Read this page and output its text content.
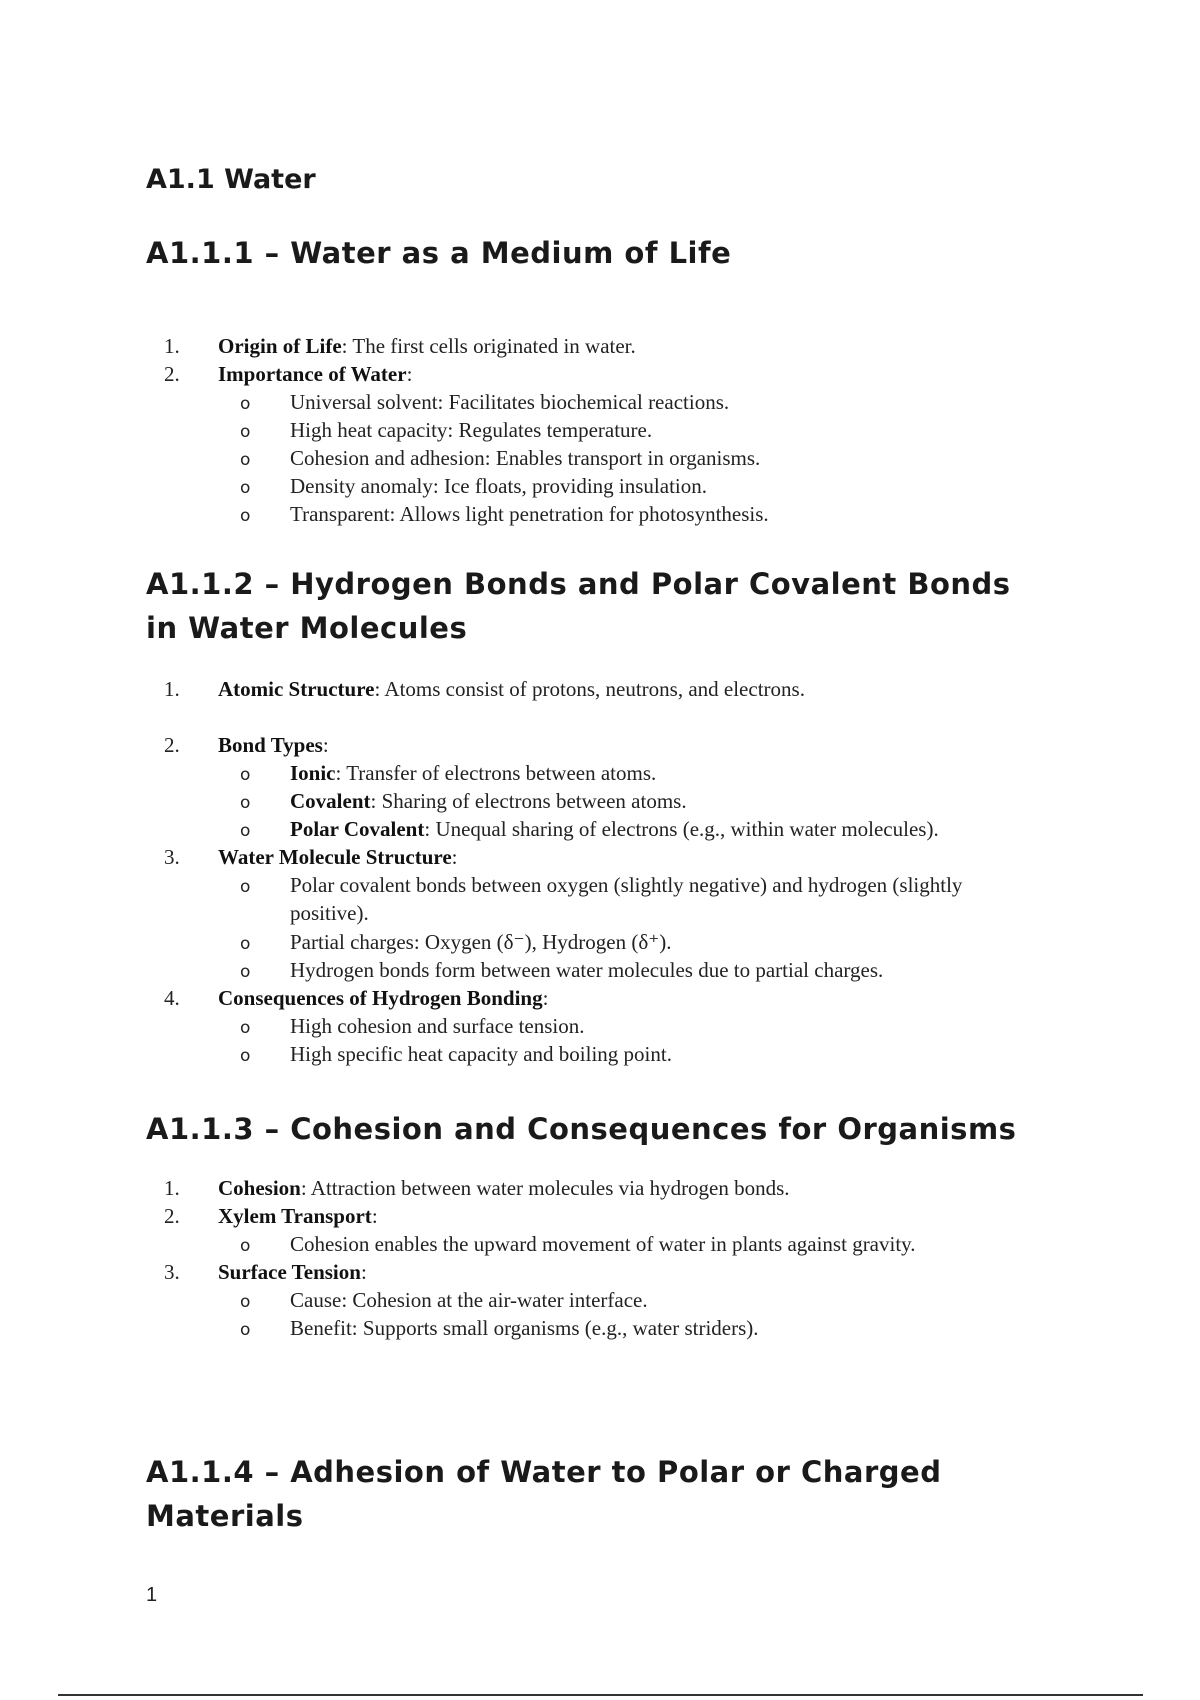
A1.1 Water
A1.1.1 – Water as a Medium of Life
1.	Origin of Life: The first cells originated in water.
2.	Importance of Water:
o Universal solvent: Facilitates biochemical reactions.
o High heat capacity: Regulates temperature.
o Cohesion and adhesion: Enables transport in organisms.
o Density anomaly: Ice floats, providing insulation.
o Transparent: Allows light penetration for photosynthesis.
A1.1.2 – Hydrogen Bonds and Polar Covalent Bonds in Water Molecules
1.	Atomic Structure: Atoms consist of protons, neutrons, and electrons.
2.	Bond Types:
o Ionic: Transfer of electrons between atoms.
o Covalent: Sharing of electrons between atoms.
o Polar Covalent: Unequal sharing of electrons (e.g., within water molecules).
3.	Water Molecule Structure:
o Polar covalent bonds between oxygen (slightly negative) and hydrogen (slightly positive).
o Partial charges: Oxygen (δ⁻), Hydrogen (δ⁺).
o Hydrogen bonds form between water molecules due to partial charges.
4.	Consequences of Hydrogen Bonding:
o High cohesion and surface tension.
o High specific heat capacity and boiling point.
A1.1.3 – Cohesion and Consequences for Organisms
1.	Cohesion: Attraction between water molecules via hydrogen bonds.
2.	Xylem Transport:
o Cohesion enables the upward movement of water in plants against gravity.
3.	Surface Tension:
o Cause: Cohesion at the air-water interface.
o Benefit: Supports small organisms (e.g., water striders).
A1.1.4 – Adhesion of Water to Polar or Charged Materials
1
